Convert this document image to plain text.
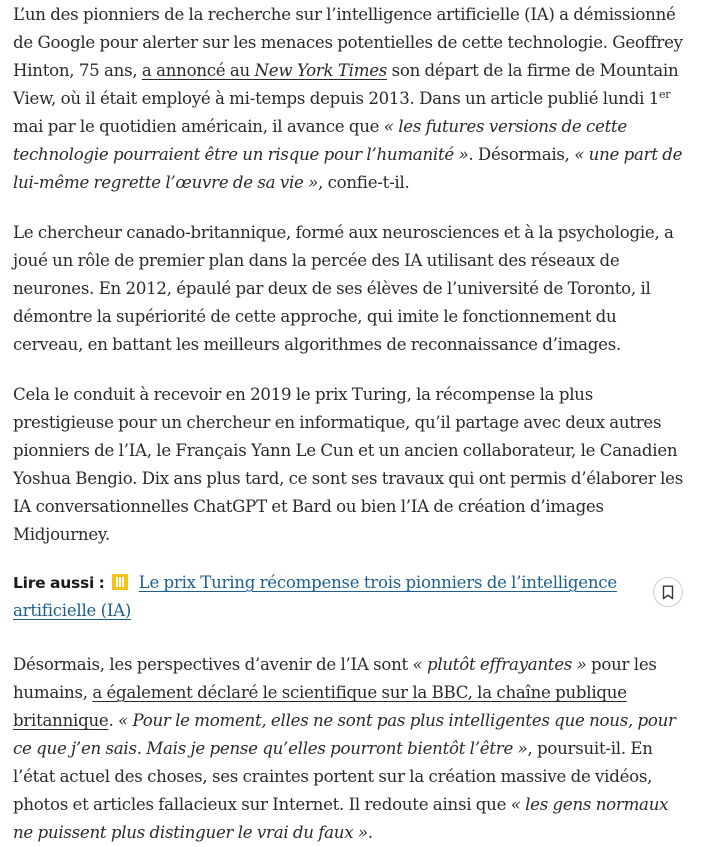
L’un des pionniers de la recherche sur l’intelligence artificielle (IA) a démissionné de Google pour alerter sur les menaces potentielles de cette technologie. Geoffrey Hinton, 75 ans, a annoncé au New York Times son départ de la firme de Mountain View, où il était employé à mi-temps depuis 2013. Dans un article publié lundi 1er mai par le quotidien américain, il avance que « les futures versions de cette technologie pourraient être un risque pour l’humanité ». Désormais, « une part de lui-même regrette l’œuvre de sa vie », confie-t-il.

Le chercheur canado-britannique, formé aux neurosciences et à la psychologie, a joué un rôle de premier plan dans la percée des IA utilisant des réseaux de neurones. En 2012, épaulé par deux de ses élèves de l’université de Toronto, il démontre la supériorité de cette approche, qui imite le fonctionnement du cerveau, en battant les meilleurs algorithmes de reconnaissance d’images.

Cela le conduit à recevoir en 2019 le prix Turing, la récompense la plus prestigieuse pour un chercheur en informatique, qu’il partage avec deux autres pionniers de l’IA, le Français Yann Le Cun et un ancien collaborateur, le Canadien Yoshua Bengio. Dix ans plus tard, ce sont ses travaux qui ont permis d’élaborer les IA conversationnelles ChatGPT et Bard ou bien l’IA de création d’images Midjourney.

Lire aussi : Le prix Turing récompense trois pionniers de l’intelligence artificielle (IA)

Désormais, les perspectives d’avenir de l’IA sont « plutôt effrayantes » pour les humains, a également déclaré le scientifique sur la BBC, la chaîne publique britannique. « Pour le moment, elles ne sont pas plus intelligentes que nous, pour ce que j’en sais. Mais je pense qu’elles pourront bientôt l’être », poursuit-il. En l’état actuel des choses, ses craintes portent sur la création massive de vidéos, photos et articles fallacieux sur Internet. Il redoute ainsi que « les gens normaux ne puissent plus distinguer le vrai du faux ».
